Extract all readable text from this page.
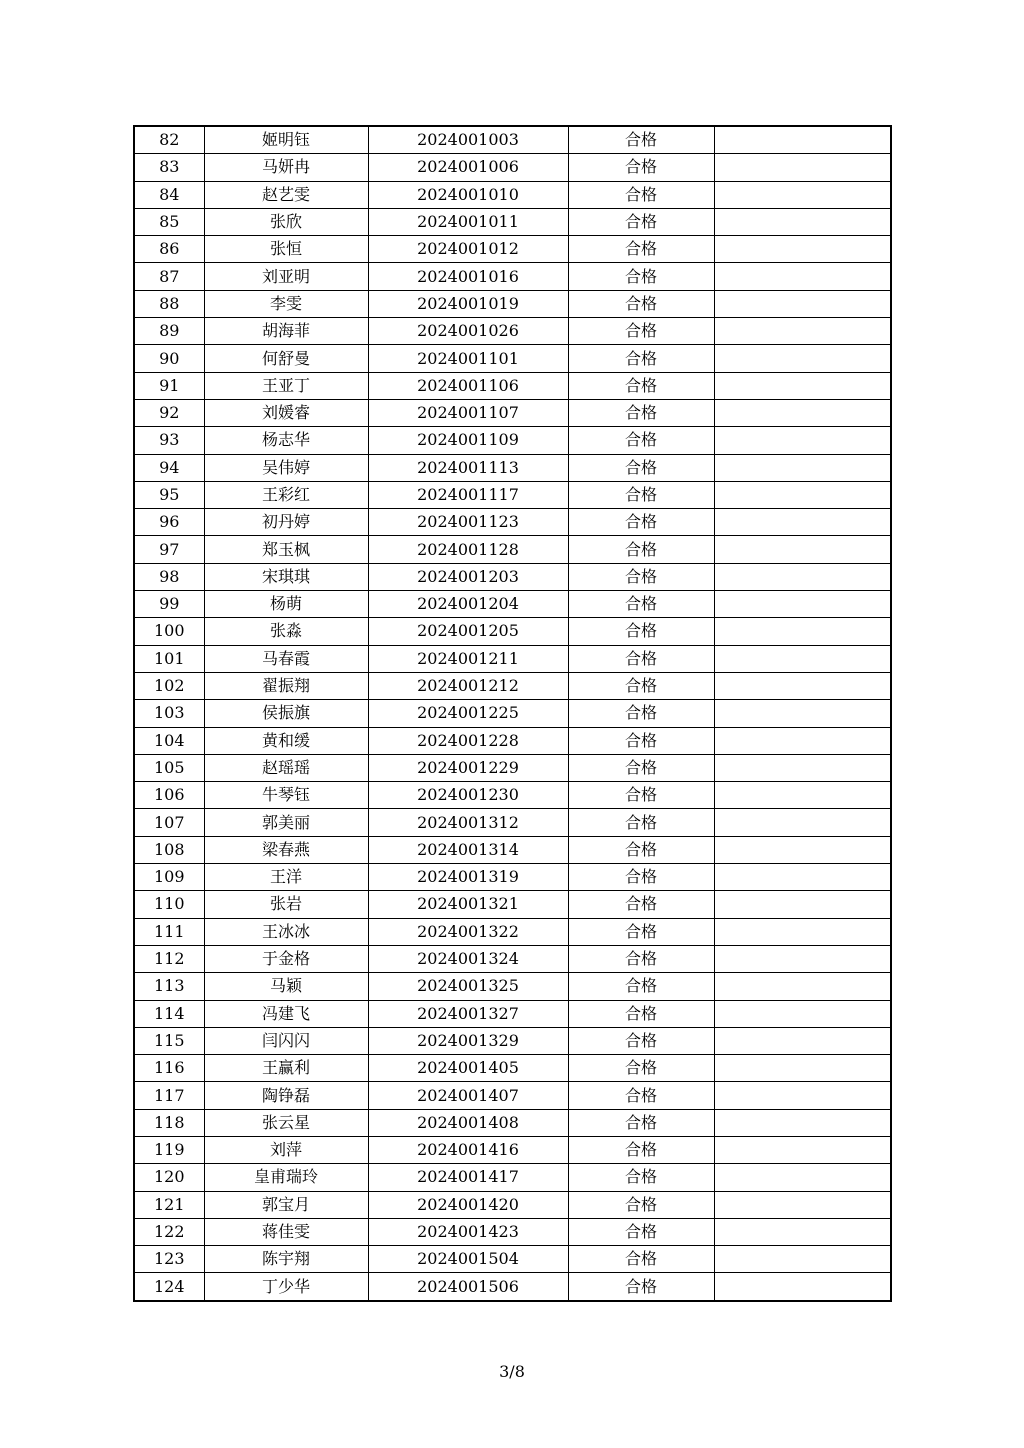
82	姬明钰	2024001003	合格	
83	马妍冉	2024001006	合格	
84	赵艺雯	2024001010	合格	
85	张欣	2024001011	合格	
86	张恒	2024001012	合格	
87	刘亚明	2024001016	合格	
88	李雯	2024001019	合格	
89	胡海菲	2024001026	合格	
90	何舒曼	2024001101	合格	
91	王亚丁	2024001106	合格	
92	刘媛睿	2024001107	合格	
93	杨志华	2024001109	合格	
94	吴伟婷	2024001113	合格	
95	王彩红	2024001117	合格	
96	初丹婷	2024001123	合格	
97	郑玉枫	2024001128	合格	
98	宋琪琪	2024001203	合格	
99	杨萌	2024001204	合格	
100	张淼	2024001205	合格	
101	马春霞	2024001211	合格	
102	翟振翔	2024001212	合格	
103	侯振旗	2024001225	合格	
104	黄和缓	2024001228	合格	
105	赵瑶瑶	2024001229	合格	
106	牛琴钰	2024001230	合格	
107	郭美丽	2024001312	合格	
108	梁春燕	2024001314	合格	
109	王洋	2024001319	合格	
110	张岩	2024001321	合格	
111	王冰冰	2024001322	合格	
112	于金格	2024001324	合格	
113	马颖	2024001325	合格	
114	冯建飞	2024001327	合格	
115	闫闪闪	2024001329	合格	
116	王赢利	2024001405	合格	
117	陶铮磊	2024001407	合格	
118	张云星	2024001408	合格	
119	刘萍	2024001416	合格	
120	皇甫瑞玲	2024001417	合格	
121	郭宝月	2024001420	合格	
122	蒋佳雯	2024001423	合格	
123	陈宇翔	2024001504	合格	
124	丁少华	2024001506	合格	
3/8
